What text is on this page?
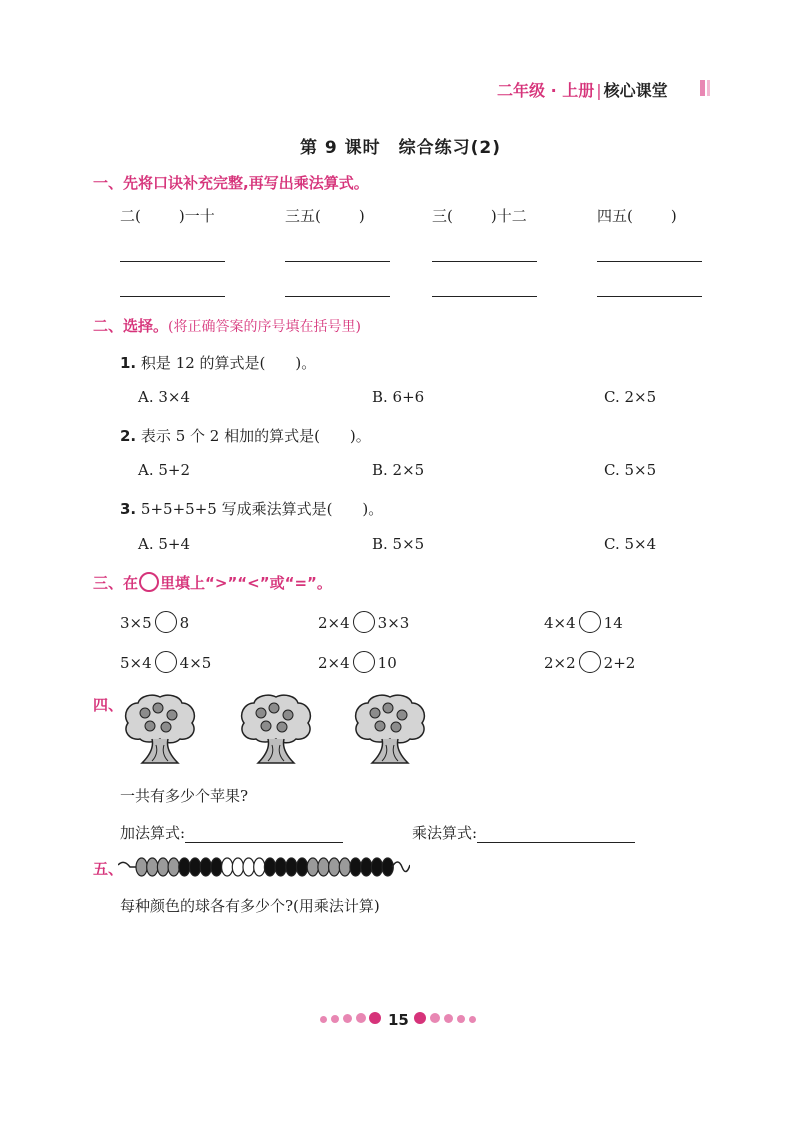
二年级 · 上册 | 核心课堂
第 9 课时　综合练习(2)
一、先将口诀补充完整,再写出乘法算式。
二(	)一十	三五(	)	三(	)十二	四五(	)
二、选择。(将正确答案的序号填在括号里)
1. 积是 12 的算式是(　　)。
A. 3×4	B. 6+6	C. 2×5
2. 表示 5 个 2 相加的算式是(　　)。
A. 5+2	B. 2×5	C. 5×5
3. 5+5+5+5 写成乘法算式是(　　)。
A. 5+4	B. 5×5	C. 5×4
三、在 里填上“>”“<”或“=”。
3×5 8	2×4 3×3	4×4 14
5×4 4×5	2×4 10	2×2 2+2
四、
一共有多少个苹果?
加法算式:	乘法算式:
五、
每种颜色的球各有多少个?(用乘法计算)
15
